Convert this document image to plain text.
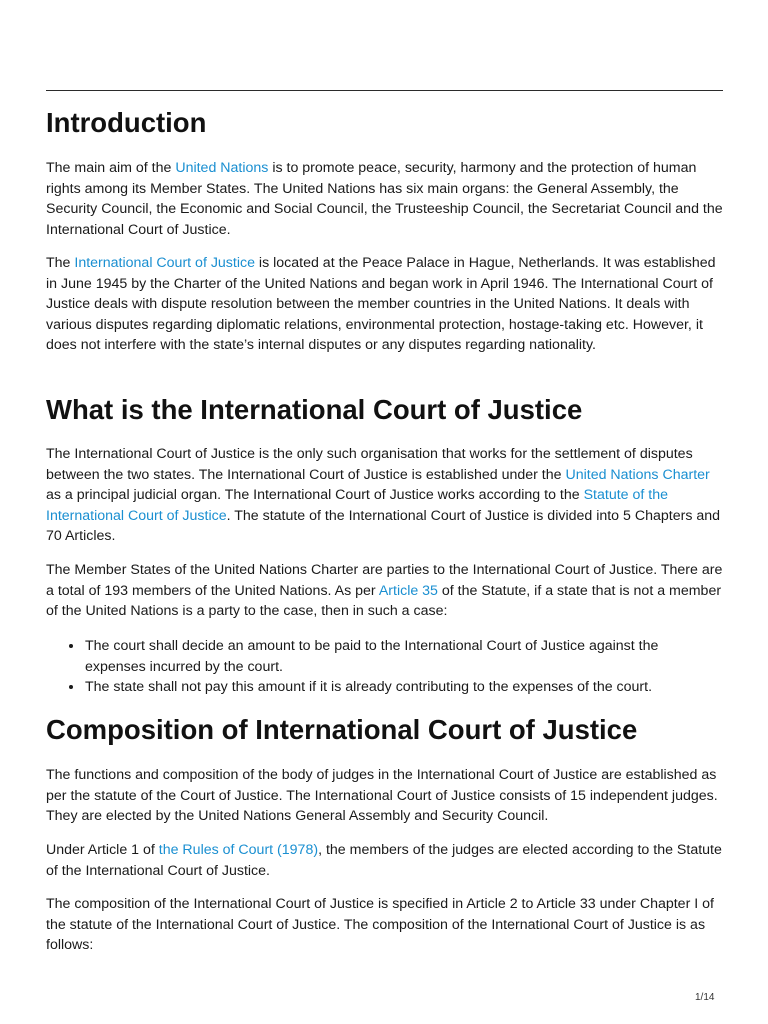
Introduction

The main aim of the United Nations is to promote peace, security, harmony and the protection of human rights among its Member States. The United Nations has six main organs: the General Assembly, the Security Council, the Economic and Social Council, the Trusteeship Council, the Secretariat Council and the International Court of Justice.

The International Court of Justice is located at the Peace Palace in Hague, Netherlands. It was established in June 1945 by the Charter of the United Nations and began work in April 1946. The International Court of Justice deals with dispute resolution between the member countries in the United Nations. It deals with various disputes regarding diplomatic relations, environmental protection, hostage-taking etc. However, it does not interfere with the state’s internal disputes or any disputes regarding nationality.

What is the International Court of Justice

The International Court of Justice is the only such organisation that works for the settlement of disputes between the two states. The International Court of Justice is established under the United Nations Charter as a principal judicial organ. The International Court of Justice works according to the Statute of the International Court of Justice. The statute of the International Court of Justice is divided into 5 Chapters and 70 Articles.

The Member States of the United Nations Charter are parties to the International Court of Justice. There are a total of 193 members of the United Nations. As per Article 35 of the Statute, if a state that is not a member of the United Nations is a party to the case, then in such a case:

• The court shall decide an amount to be paid to the International Court of Justice against the expenses incurred by the court.
• The state shall not pay this amount if it is already contributing to the expenses of the court.
Composition of International Court of Justice

The functions and composition of the body of judges in the International Court of Justice are established as per the statute of the Court of Justice. The International Court of Justice consists of 15 independent judges. They are elected by the United Nations General Assembly and Security Council.

Under Article 1 of the Rules of Court (1978), the members of the judges are elected according to the Statute of the International Court of Justice.

The composition of the International Court of Justice is specified in Article 2 to Article 33 under Chapter I of the statute of the International Court of Justice. The composition of the International Court of Justice is as follows:

1/14
